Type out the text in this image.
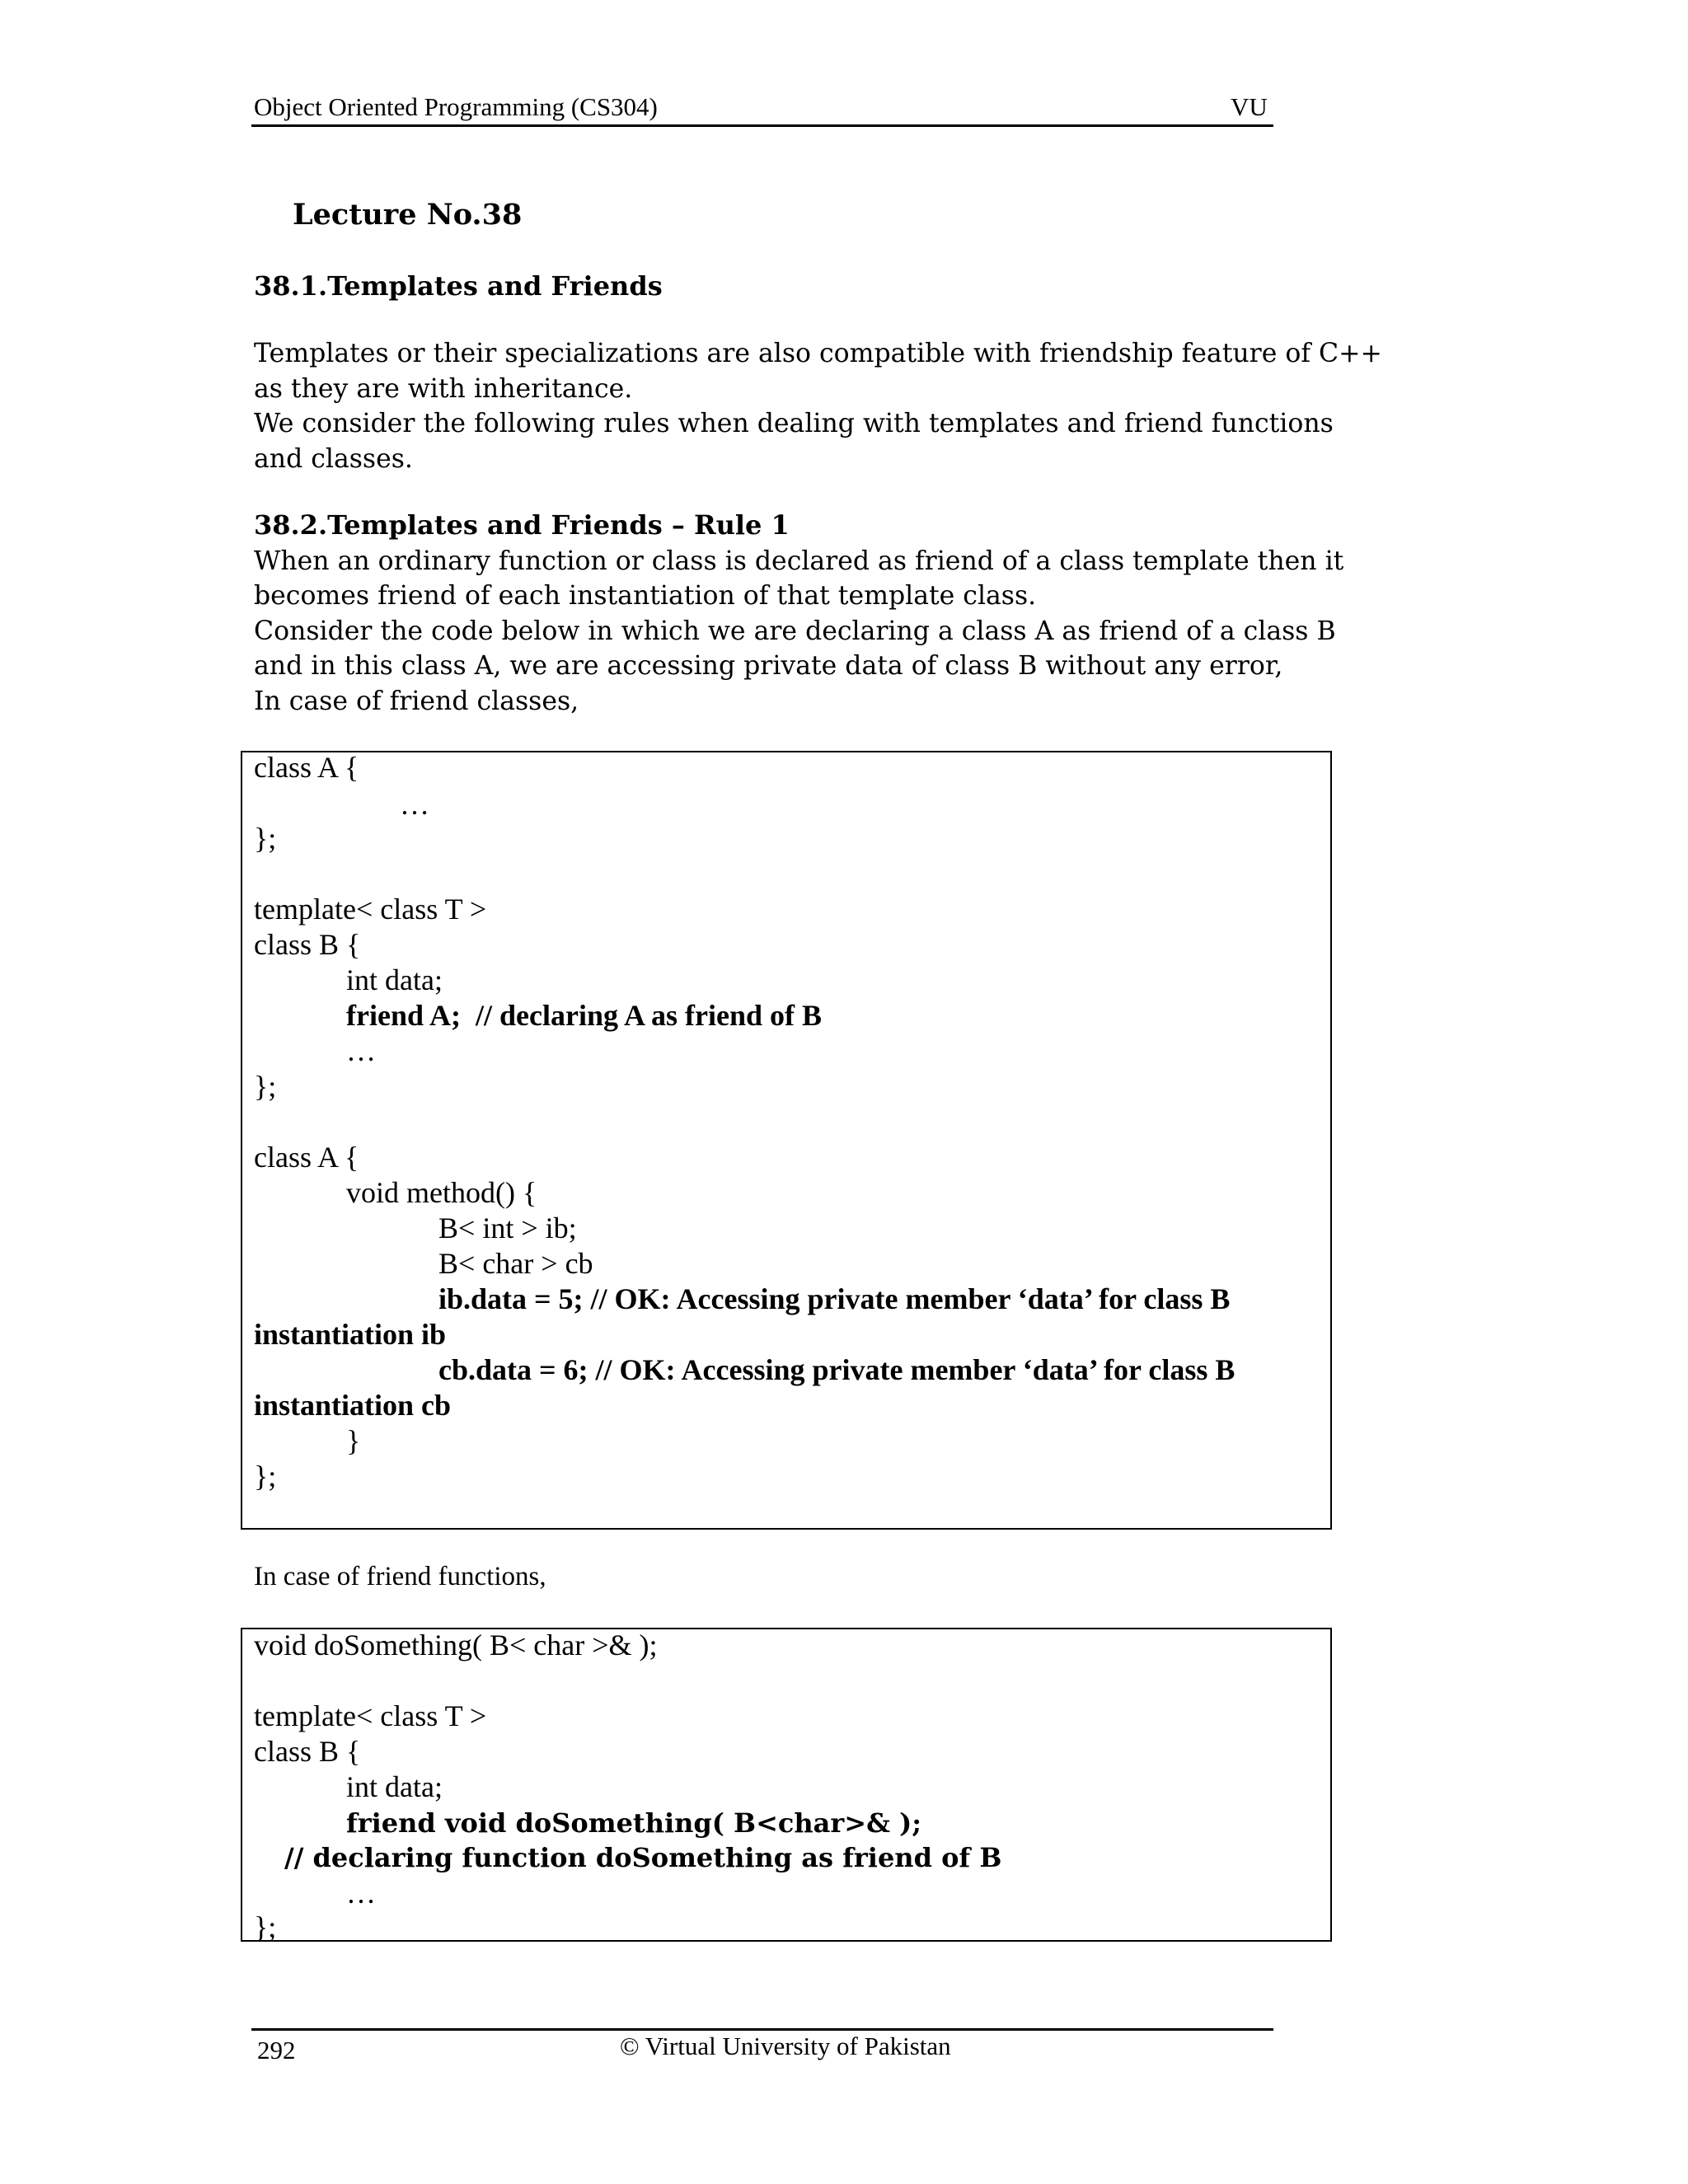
Object Oriented Programming (CS304)	VU
Lecture No.38
38.1.Templates and Friends
Templates or their specializations are also compatible with friendship feature of C++
as they are with inheritance.
We consider the following rules when dealing with templates and friend functions
and classes.
38.2.Templates and Friends – Rule 1
When an ordinary function or class is declared as friend of a class template then it
becomes friend of each instantiation of that template class.
Consider the code below in which we are declaring a class A as friend of a class B
and in this class A, we are accessing private data of class B without any error,
In case of friend classes,
class A {
…
};
template< class T >
class B {
int data;
friend A;  // declaring A as friend of B
…
};
class A {
void method() {
B< int > ib;
B< char > cb
ib.data = 5; // OK: Accessing private member ‘data’ for class B
instantiation ib
cb.data = 6; // OK: Accessing private member ‘data’ for class B
instantiation cb
}
};
In case of friend functions,
void doSomething( B< char >& );
template< class T >
class B {
int data;
friend void doSomething( B<char>& );
// declaring function doSomething as friend of B
…
};
292	© Virtual University of Pakistan
